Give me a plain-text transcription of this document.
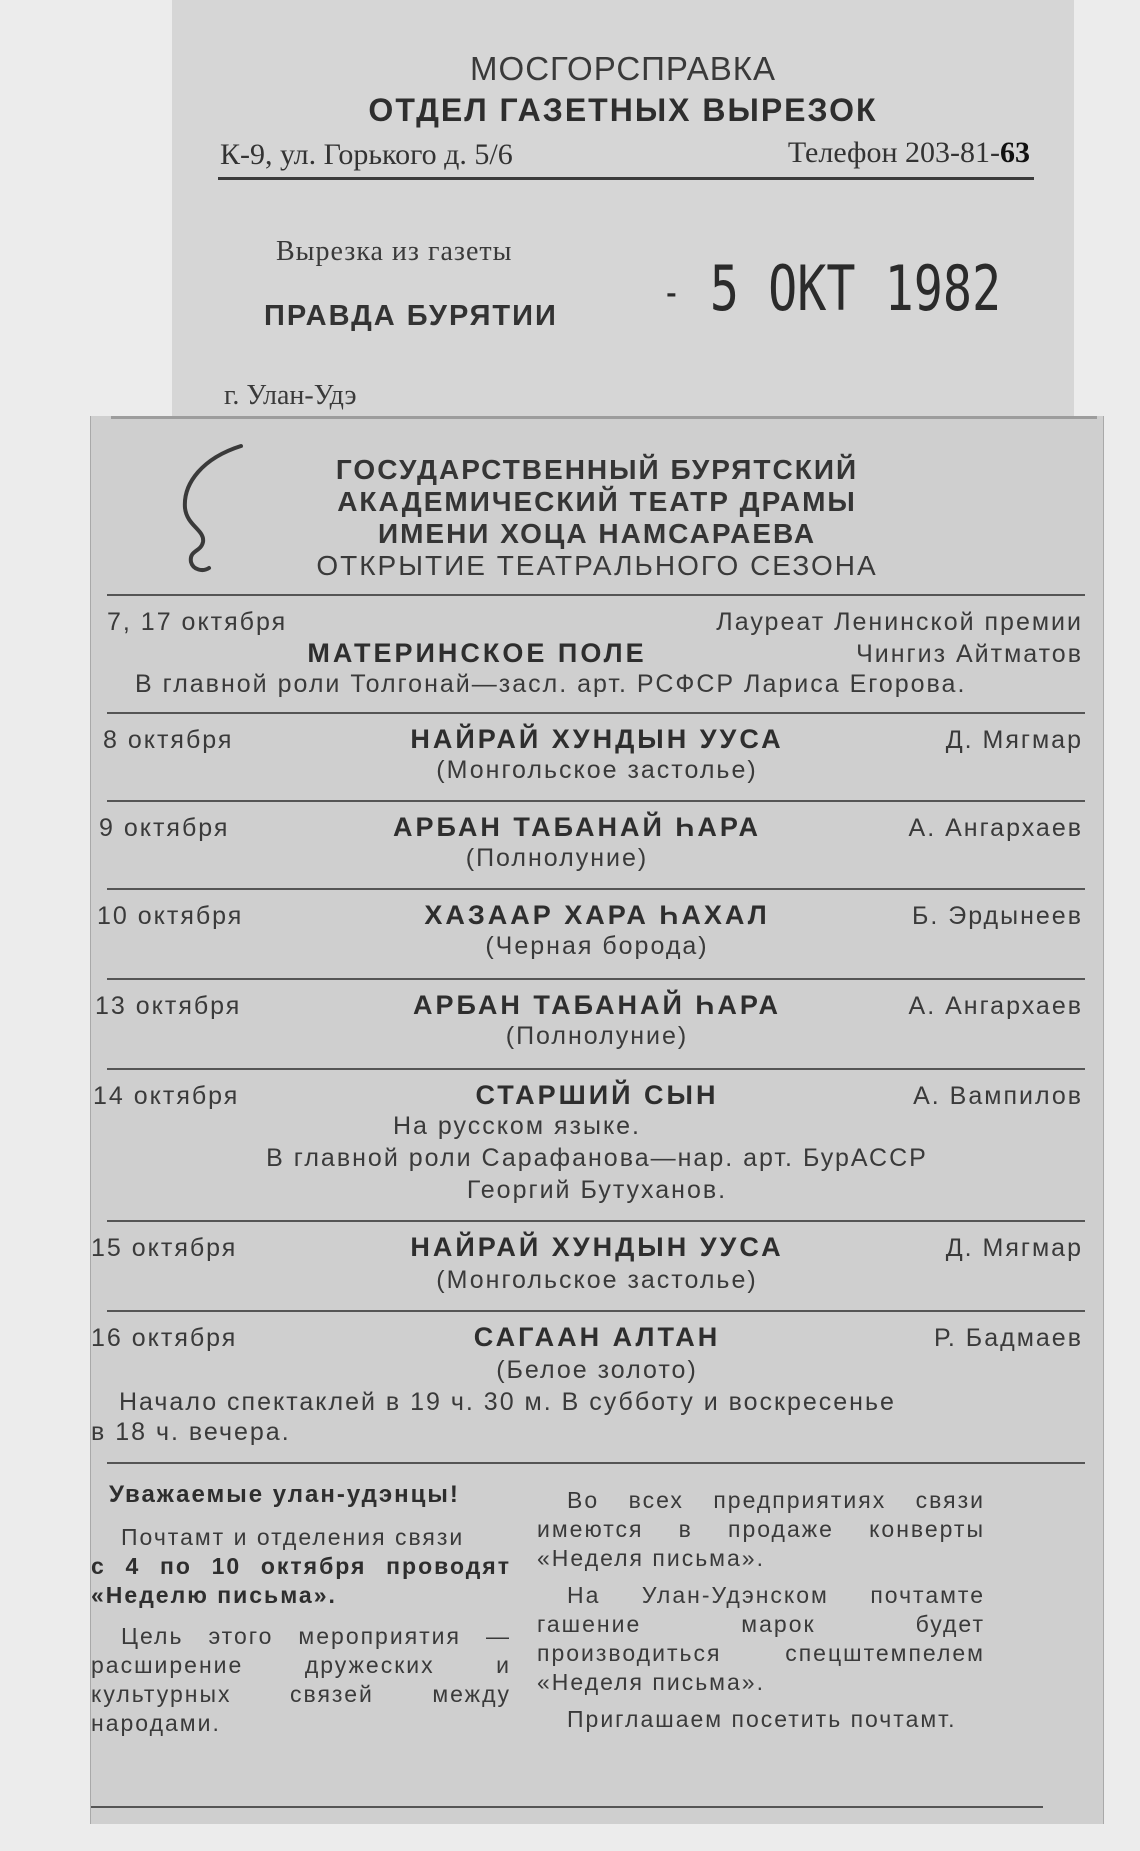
МОСГОРСПРАВКА
ОТДЕЛ ГАЗЕТНЫХ ВЫРЕЗОК
К-9, ул. Горького д. 5/6	Телефон 203-81-63
Вырезка из газеты
ПРАВДА БУРЯТИИ
- 5 ОКТ 1982
г. Улан-Удэ
ГОСУДАРСТВЕННЫЙ БУРЯТСКИЙ
АКАДЕМИЧЕСКИЙ ТЕАТР ДРАМЫ
ИМЕНИ ХОЦА НАМСАРАЕВА
ОТКРЫТИЕ ТЕАТРАЛЬНОГО СЕЗОНА
7, 17 октября	Лауреат Ленинской премии
МАТЕРИНСКОЕ ПОЛЕ	Чингиз Айтматов
В главной роли Толгонай—засл. арт. РСФСР Лариса Егорова.
8 октября	НАЙРАЙ ХУНДЫН УУСА	Д. Мягмар
(Монгольское застолье)
9 октября	АРБАН ТАБАНАЙ ҺАРА	А. Ангархаев
(Полнолуние)
10 октября	ХАЗААР ХАРА ҺАХАЛ	Б. Эрдынеев
(Черная борода)
13 октября	АРБАН ТАБАНАЙ ҺАРА	А. Ангархаев
(Полнолуние)
14 октября	СТАРШИЙ СЫН	А. Вампилов
На русском языке.
В главной роли Сарафанова—нар. арт. БурАССР
Георгий Бутуханов.
15 октября	НАЙРАЙ ХУНДЫН УУСА	Д. Мягмар
(Монгольское застолье)
16 октября	САГААН АЛТАН	Р. Бадмаев
(Белое золото)
Начало спектаклей в 19 ч. 30 м. В субботу и воскресенье
в 18 ч. вечера.

Уважаемые улан-удэнцы!

Почтамт и отделения связи

с 4 по 10 октября проводят «Неделю письма».

Цель этого мероприятия — расширение дружеских и культурных связей между народами.

Во всех предприятиях связи имеются в продаже конверты «Неделя письма».

На Улан-Удэнском почтамте гашение марок будет производиться спецштемпелем «Неделя письма».

Приглашаем посетить почтамт.
